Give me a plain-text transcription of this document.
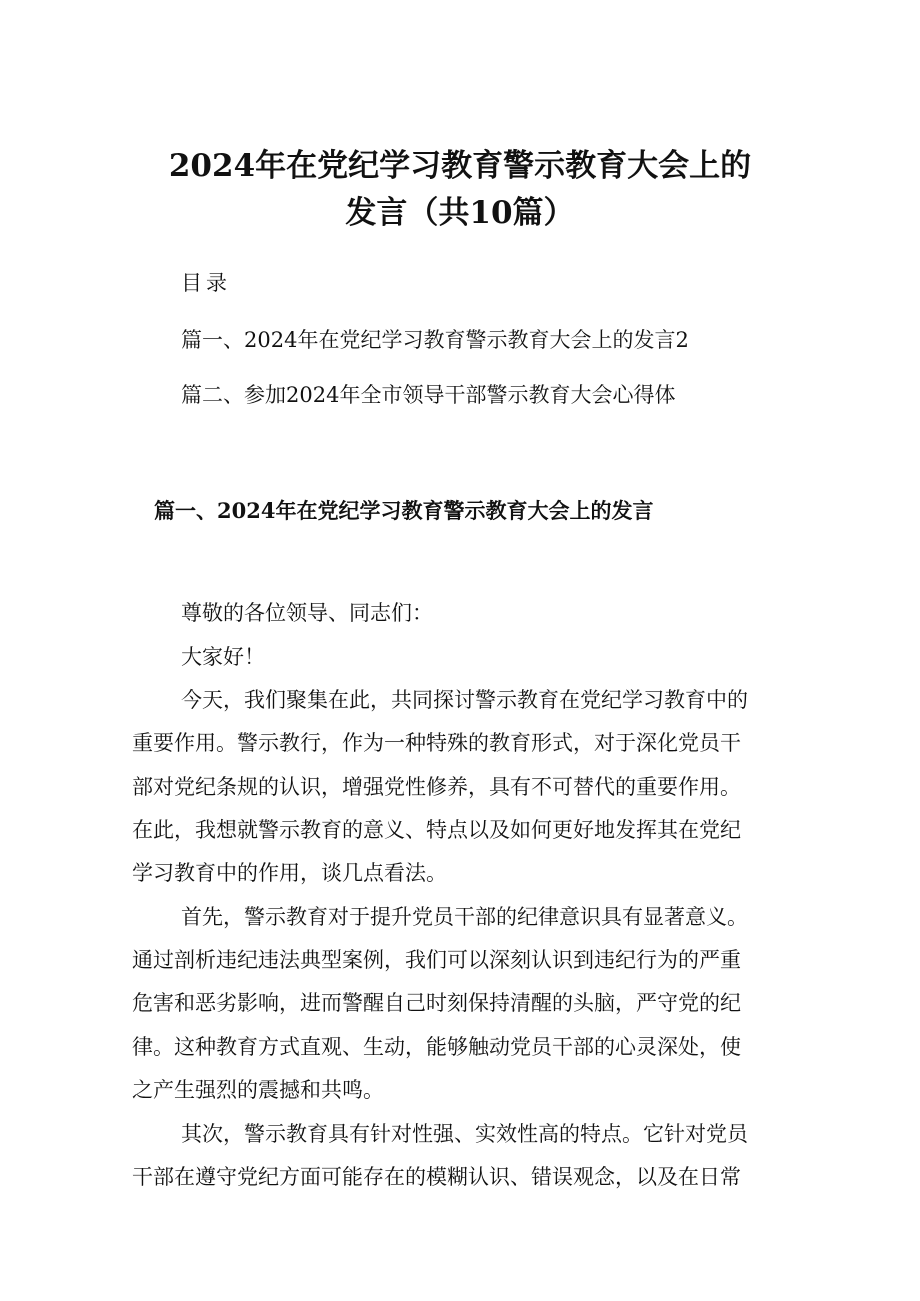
2024年在党纪学习教育警示教育大会上的
发言（共10篇）
目录
篇一、2024年在党纪学习教育警示教育大会上的发言2
篇二、参加2024年全市领导干部警示教育大会心得体
篇一、2024年在党纪学习教育警示教育大会上的发言
尊敬的各位领导、同志们：
大家好！
今天，我们聚集在此，共同探讨警示教育在党纪学习教育中的
重要作用。警示教行，作为一种特殊的教育形式，对于深化党员干
部对党纪条规的认识，增强党性修养，具有不可替代的重要作用。
在此，我想就警示教育的意义、特点以及如何更好地发挥其在党纪
学习教育中的作用，谈几点看法。
首先，警示教育对于提升党员干部的纪律意识具有显著意义。
通过剖析违纪违法典型案例，我们可以深刻认识到违纪行为的严重
危害和恶劣影响，进而警醒自己时刻保持清醒的头脑，严守党的纪
律。这种教育方式直观、生动，能够触动党员干部的心灵深处，使
之产生强烈的震撼和共鸣。
其次，警示教育具有针对性强、实效性高的特点。它针对党员
干部在遵守党纪方面可能存在的模糊认识、错误观念，以及在日常
